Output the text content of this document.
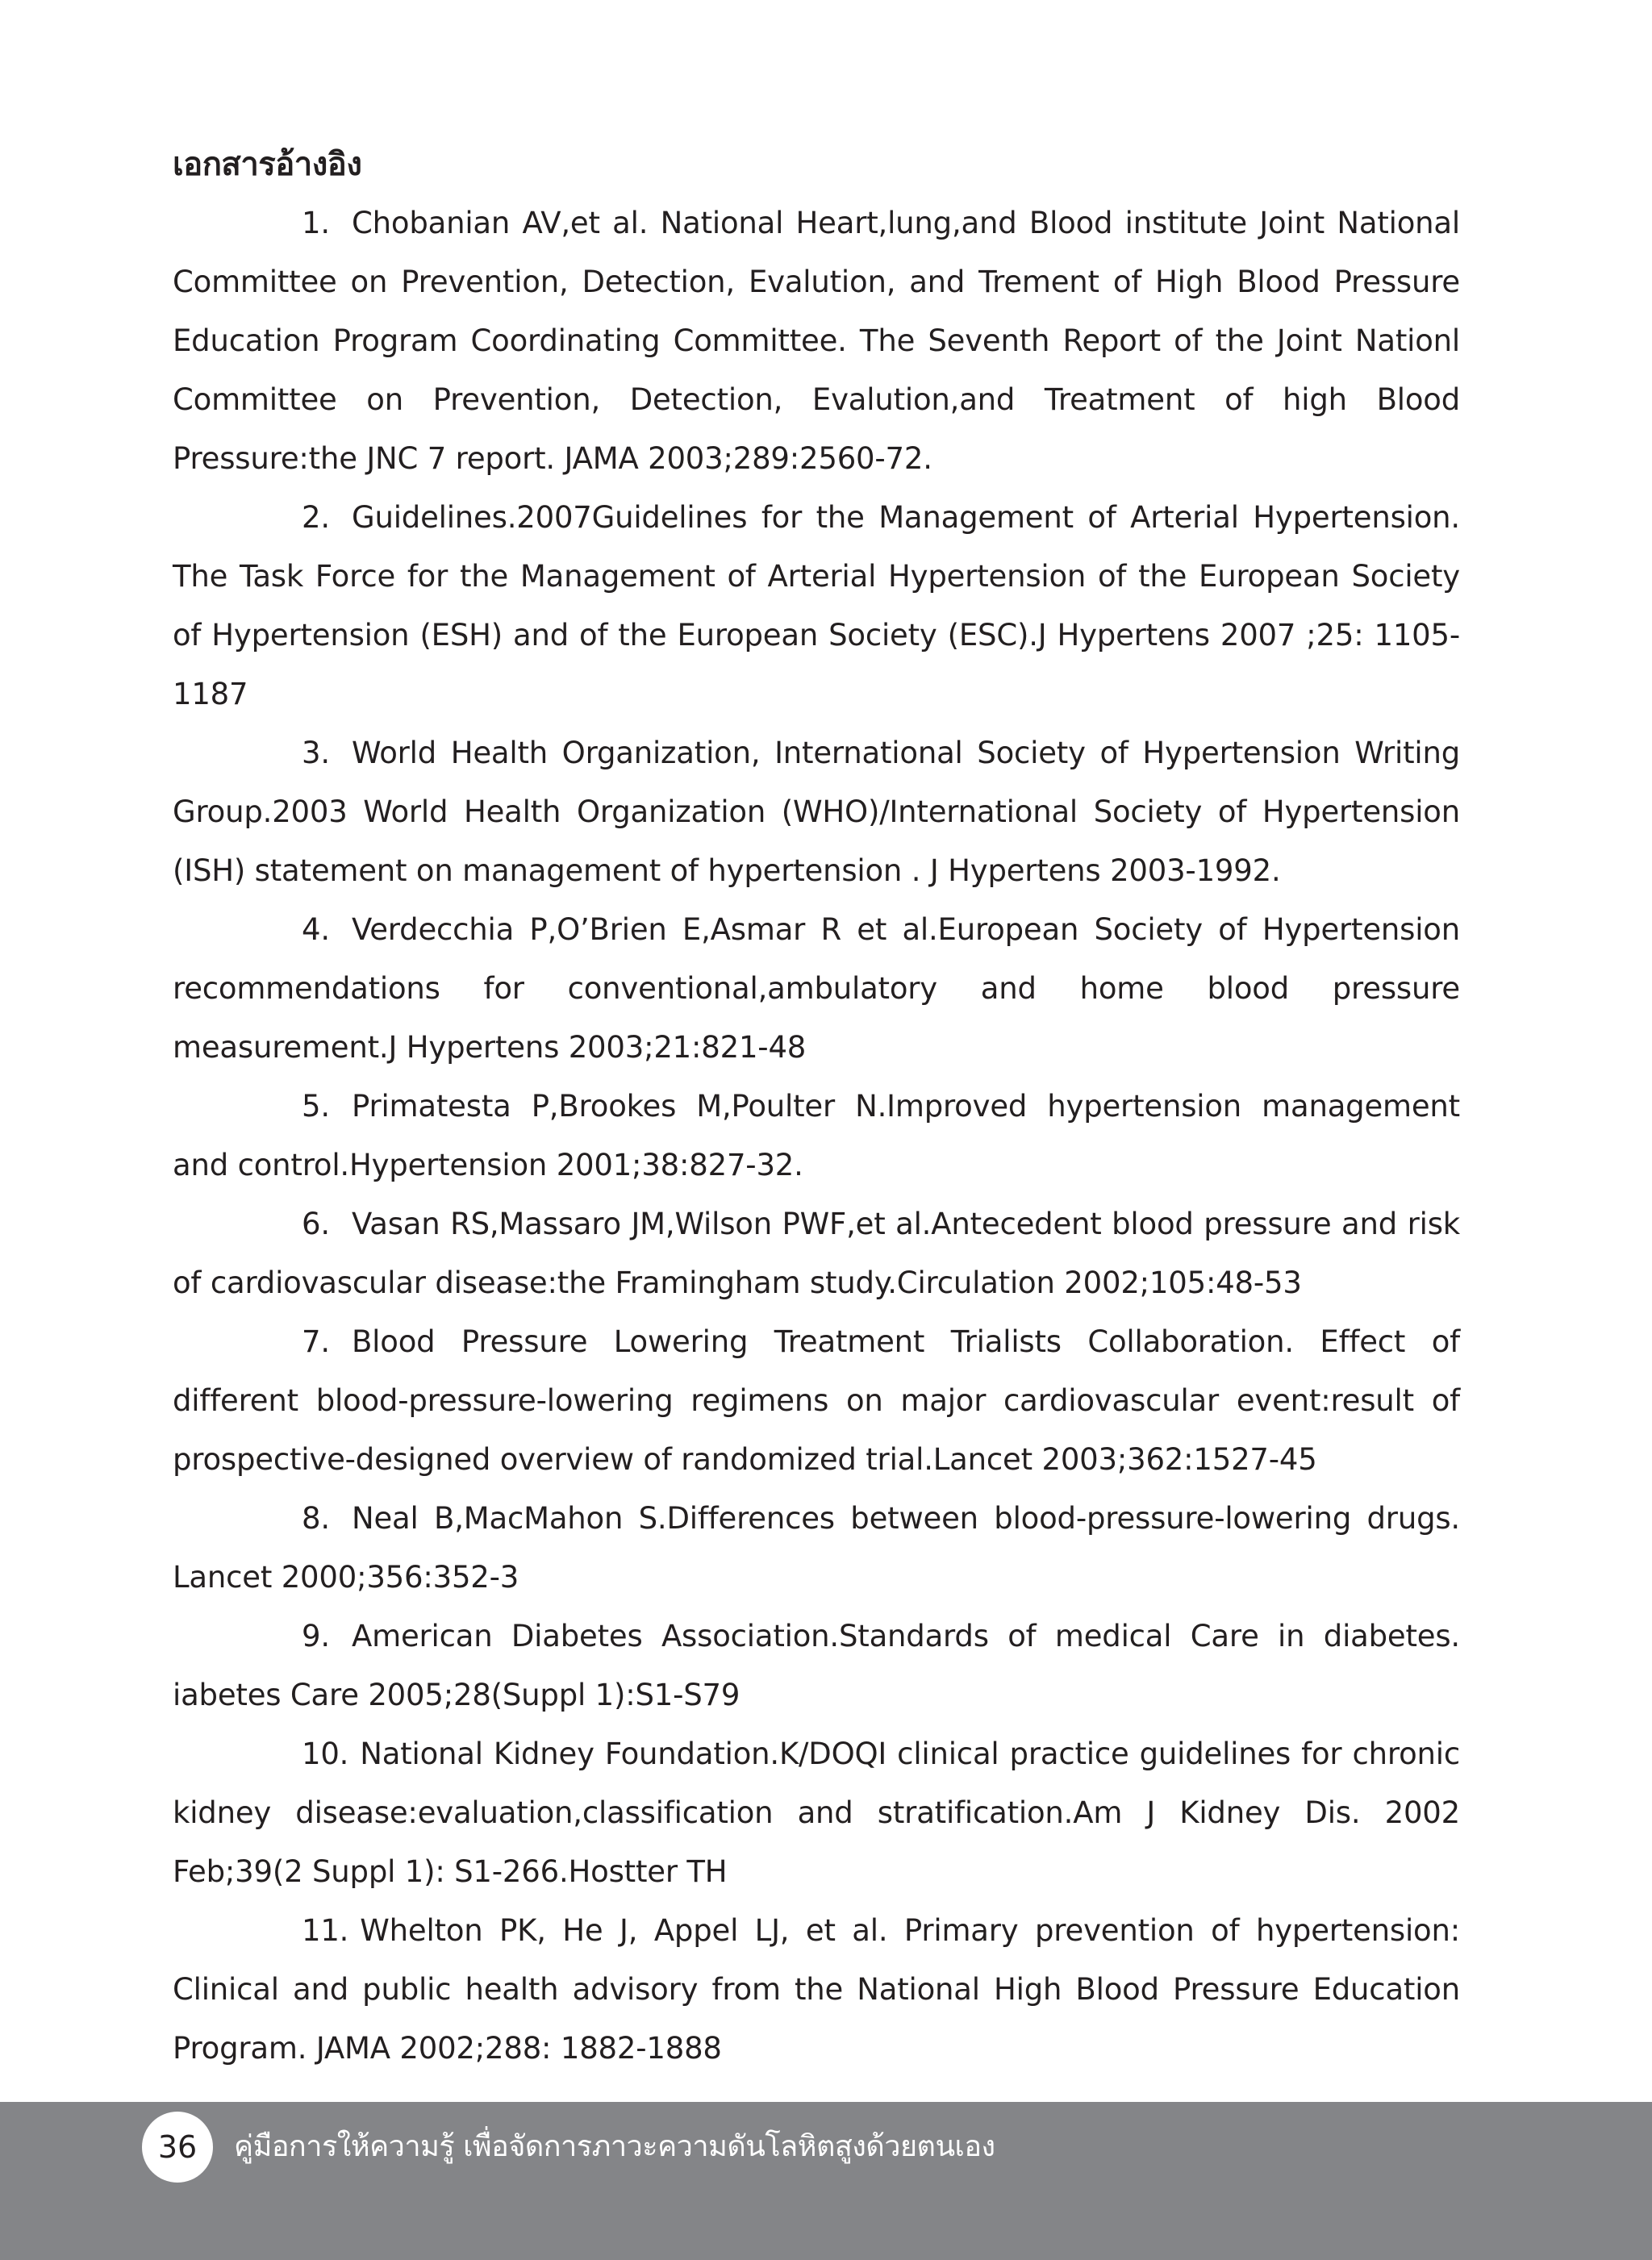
เอกสารอ้างอิง
1. Chobanian AV,et al. National Heart,lung,and Blood institute Joint National Committee on Prevention, Detection, Evalution, and Trement of High Blood Pressure Education Program Coordinating Committee. The Seventh Report of the Joint Nationl Committee on Prevention, Detection, Evalution,and Treatment of high Blood Pressure:the JNC 7 report. JAMA 2003;289:2560-72.
2. Guidelines.2007Guidelines for the Management of Arterial Hypertension. The Task Force for the Management of Arterial Hypertension of the European Society of Hypertension (ESH) and of the European Society (ESC).J Hypertens 2007 ;25: 1105-1187
3. World Health Organization, International Society of Hypertension Writing Group.2003 World Health Organization (WHO)/International Society of Hypertension (ISH) statement on management of hypertension . J Hypertens 2003-1992.
4. Verdecchia P,O’Brien E,Asmar R et al.European Society of Hypertension recommendations for conventional,ambulatory and home blood pressure measurement.J Hypertens 2003;21:821-48
5. Primatesta P,Brookes M,Poulter N.Improved hypertension management and control.Hypertension 2001;38:827-32.
6. Vasan RS,Massaro JM,Wilson PWF,et al.Antecedent blood pressure and risk of cardiovascular disease:the Framingham study.Circulation 2002;105:48-53
7. Blood Pressure Lowering Treatment Trialists Collaboration. Effect of different blood-pressure-lowering regimens on major cardiovascular event:result of prospective-designed overview of randomized trial.Lancet 2003;362:1527-45
8. Neal B,MacMahon S.Differences between blood-pressure-lowering drugs. Lancet 2000;356:352-3
9. American Diabetes Association.Standards of medical Care in diabetes. iabetes Care 2005;28(Suppl 1):S1-S79
10. National Kidney Foundation.K/DOQI clinical practice guidelines for chronic kidney disease:evaluation,classification and stratification.Am J Kidney Dis. 2002 Feb;39(2 Suppl 1): S1-266.Hostter TH
11. Whelton PK, He J, Appel LJ, et al. Primary prevention of hypertension: Clinical and public health advisory from the National High Blood Pressure Education Program. JAMA 2002;288: 1882-1888
36 คู่มือการให้ความรู้ เพื่อจัดการภาวะความดันโลหิตสูงด้วยตนเอง
